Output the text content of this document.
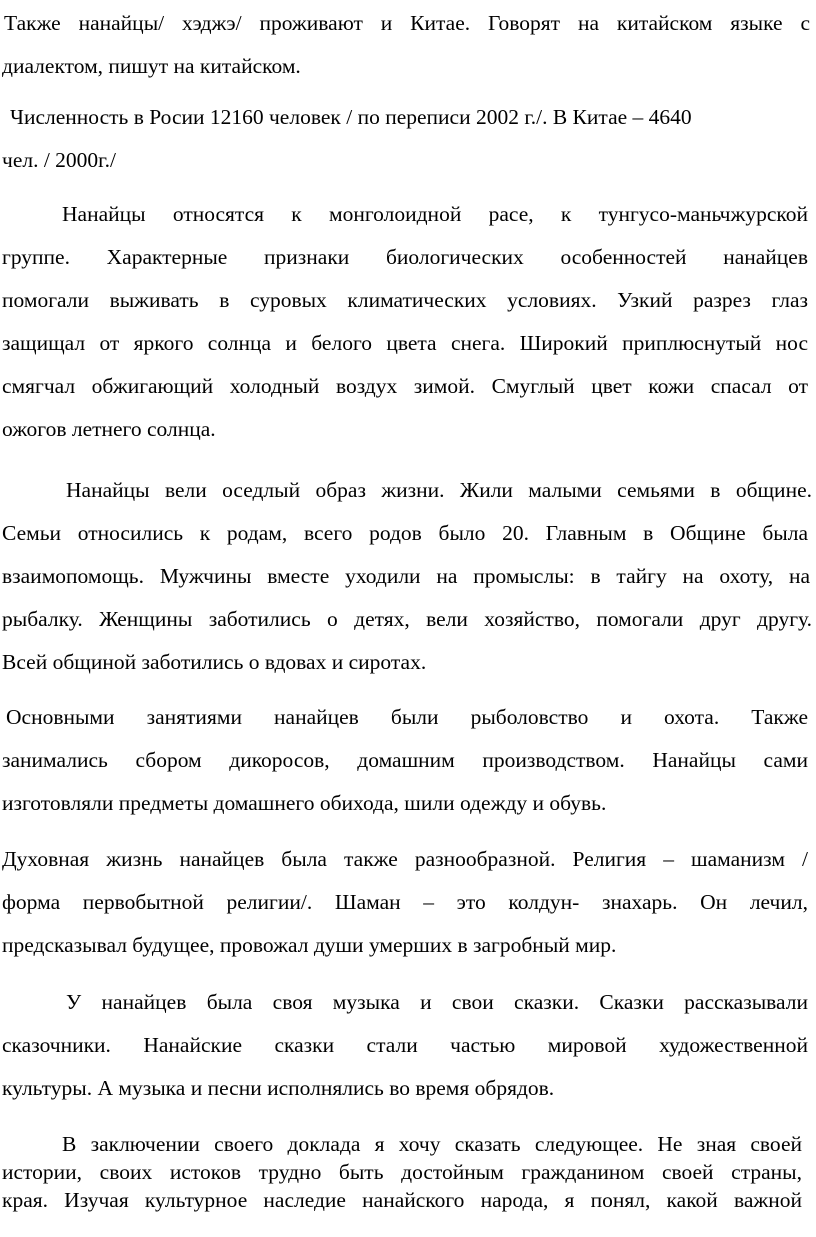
Также нанайцы/ хэджэ/ проживают и Китае. Говорят на китайском языке с
диалектом, пишут на китайском.
Численность в Росии 12160 человек / по переписи 2002 г./. В Китае – 4640
чел. / 2000г./
Нанайцы относятся к монголоидной расе, к тунгусо-маньчжурской
группе. Характерные признаки биологических особенностей нанайцев
помогали выживать в суровых климатических условиях. Узкий разрез глаз
защищал от яркого солнца и белого цвета снега. Широкий приплюснутый нос
смягчал обжигающий холодный воздух зимой. Смуглый цвет кожи спасал от
ожогов летнего солнца.
Нанайцы вели оседлый образ жизни. Жили малыми семьями в общине.
Семьи относились к родам, всего родов было 20. Главным в Общине была
взаимопомощь. Мужчины вместе уходили на промыслы: в тайгу на охоту, на
рыбалку. Женщины заботились о детях, вели хозяйство, помогали друг другу.
Всей общиной заботились о вдовах и сиротах.
Основными занятиями нанайцев были рыболовство и охота. Также
занимались сбором дикоросов, домашним производством. Нанайцы сами
изготовляли предметы домашнего обихода, шили одежду и обувь.
Духовная жизнь нанайцев была также разнообразной. Религия – шаманизм /
форма первобытной религии/. Шаман – это колдун- знахарь. Он лечил,
предсказывал будущее, провожал души умерших в загробный мир.
У нанайцев была своя музыка и свои сказки. Сказки рассказывали
сказочники. Нанайские сказки стали частью мировой художественной
культуры. А музыка и песни исполнялись во время обрядов.
В заключении своего доклада я хочу сказать следующее. Не зная своей
истории, своих истоков трудно быть достойным гражданином своей страны,
края. Изучая культурное наследие нанайского народа, я понял, какой важной
